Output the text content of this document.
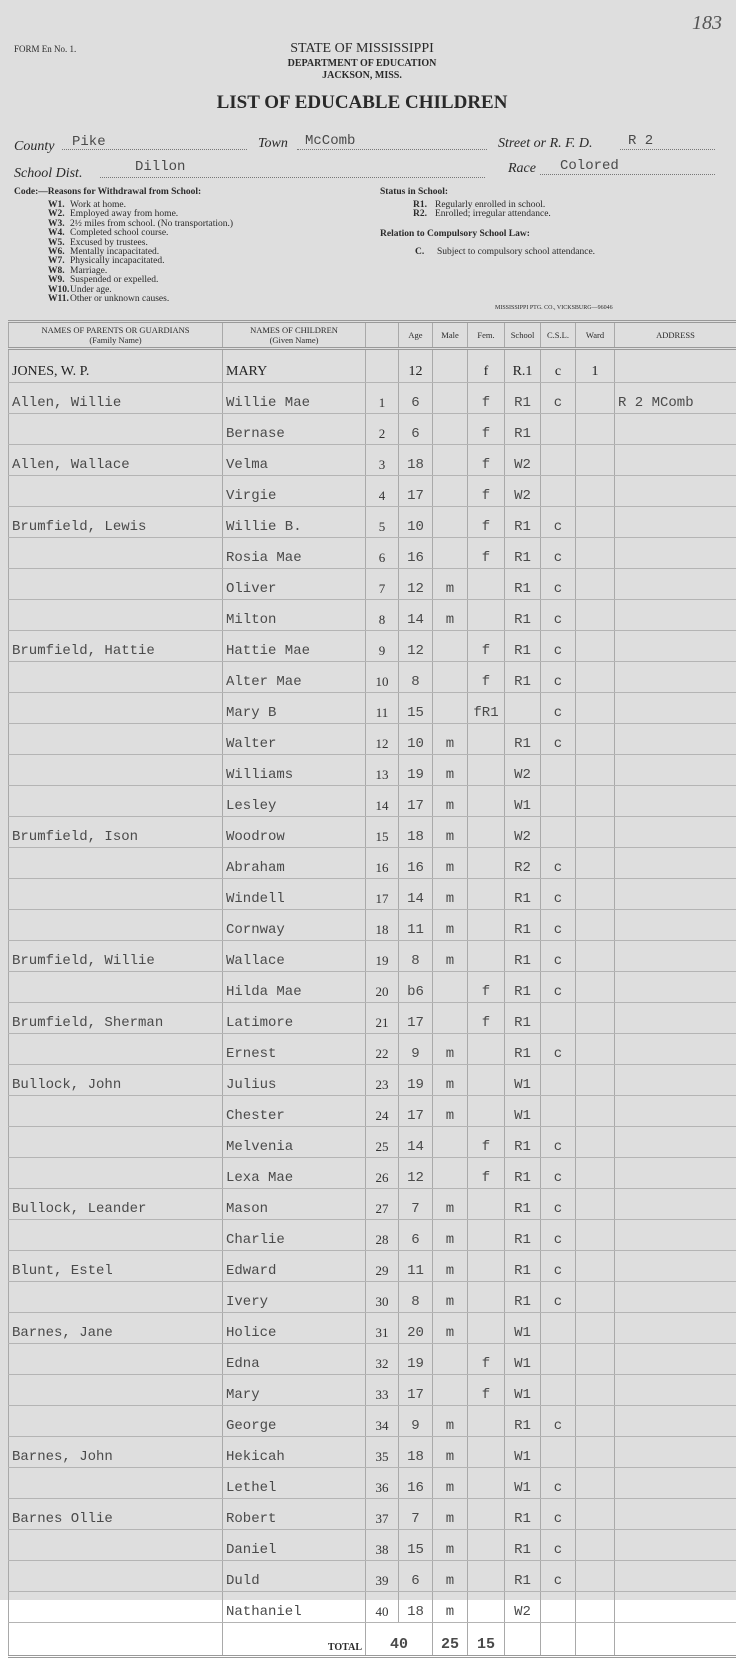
183
FORM En No. 1.	STATE OF MISSISSIPPI
DEPARTMENT OF EDUCATION
JACKSON, MISS.
LIST OF EDUCABLE CHILDREN
County Pike	Town McComb	Street or R. F. D.	R 2
School Dist.	Dillon	Race Colored
Code:—Reasons for Withdrawal from School:
W1. Work at home.
W2. Employed away from home.
W3. 2½ miles from school. (No transportation.)
W4. Completed school course.
W5. Excused by trustees.
W6. Mentally incapacitated.
W7. Physically incapacitated.
W8. Marriage.
W9. Suspended or expelled.
W10.Under age.
W11.Other or unknown causes.
Status in School:
R1. Regularly enrolled in school.
R2. Enrolled; irregular attendance.
Relation to Compulsory School Law:
C. Subject to compulsory school attendance.
MISSISSIPPI PTG. CO., VICKSBURG—96046
NAMES OF PARENTS OR GUARDIANS
(Family Name)	NAMES OF CHILDREN
(Given Name)		Age	Male	Fem.	School	C.S.L.	Ward	ADDRESS
JONES, W. P.	MARY		12		f	R.1	c	1	
Allen, Willie	Willie Mae	1	6		f	R1	c		R 2 MComb
	Bernase	2	6		f	R1			
Allen, Wallace	Velma	3	18		f	W2			
	Virgie	4	17		f	W2			
Brumfield, Lewis	Willie B.	5	10		f	R1	c		
	Rosia Mae	6	16		f	R1	c		
	Oliver	7	12	m		R1	c		
	Milton	8	14	m		R1	c		
Brumfield, Hattie	Hattie Mae	9	12		f	R1	c		
	Alter Mae	10	8		f	R1	c		
	Mary B	11	15		fR1		c		
	Walter	12	10	m		R1	c		
	Williams	13	19	m		W2			
	Lesley	14	17	m		W1			
Brumfield, Ison	Woodrow	15	18	m		W2			
	Abraham	16	16	m		R2	c		
	Windell	17	14	m		R1	c		
	Cornway	18	11	m		R1	c		
Brumfield, Willie	Wallace	19	8	m		R1	c		
	Hilda Mae	20	b6		f	R1	c		
Brumfield, Sherman	Latimore	21	17		f	R1			
	Ernest	22	9	m		R1	c		
Bullock, John	Julius	23	19	m		W1			
	Chester	24	17	m		W1			
	Melvenia	25	14		f	R1	c		
	Lexa Mae	26	12		f	R1	c		
Bullock, Leander	Mason	27	7	m		R1	c		
	Charlie	28	6	m		R1	c		
Blunt, Estel	Edward	29	11	m		R1	c		
	Ivery	30	8	m		R1	c		
Barnes, Jane	Holice	31	20	m		W1			
	Edna	32	19		f	W1			
	Mary	33	17		f	W1			
	George	34	9	m		R1	c		
Barnes, John	Hekicah	35	18	m		W1			
	Lethel	36	16	m		W1	c		
Barnes Ollie	Robert	37	7	m		R1	c		
	Daniel	38	15	m		R1	c		
	Duld	39	6	m		R1	c		
	Nathaniel	40	18	m		W2			
	TOTAL	40		25	15				
